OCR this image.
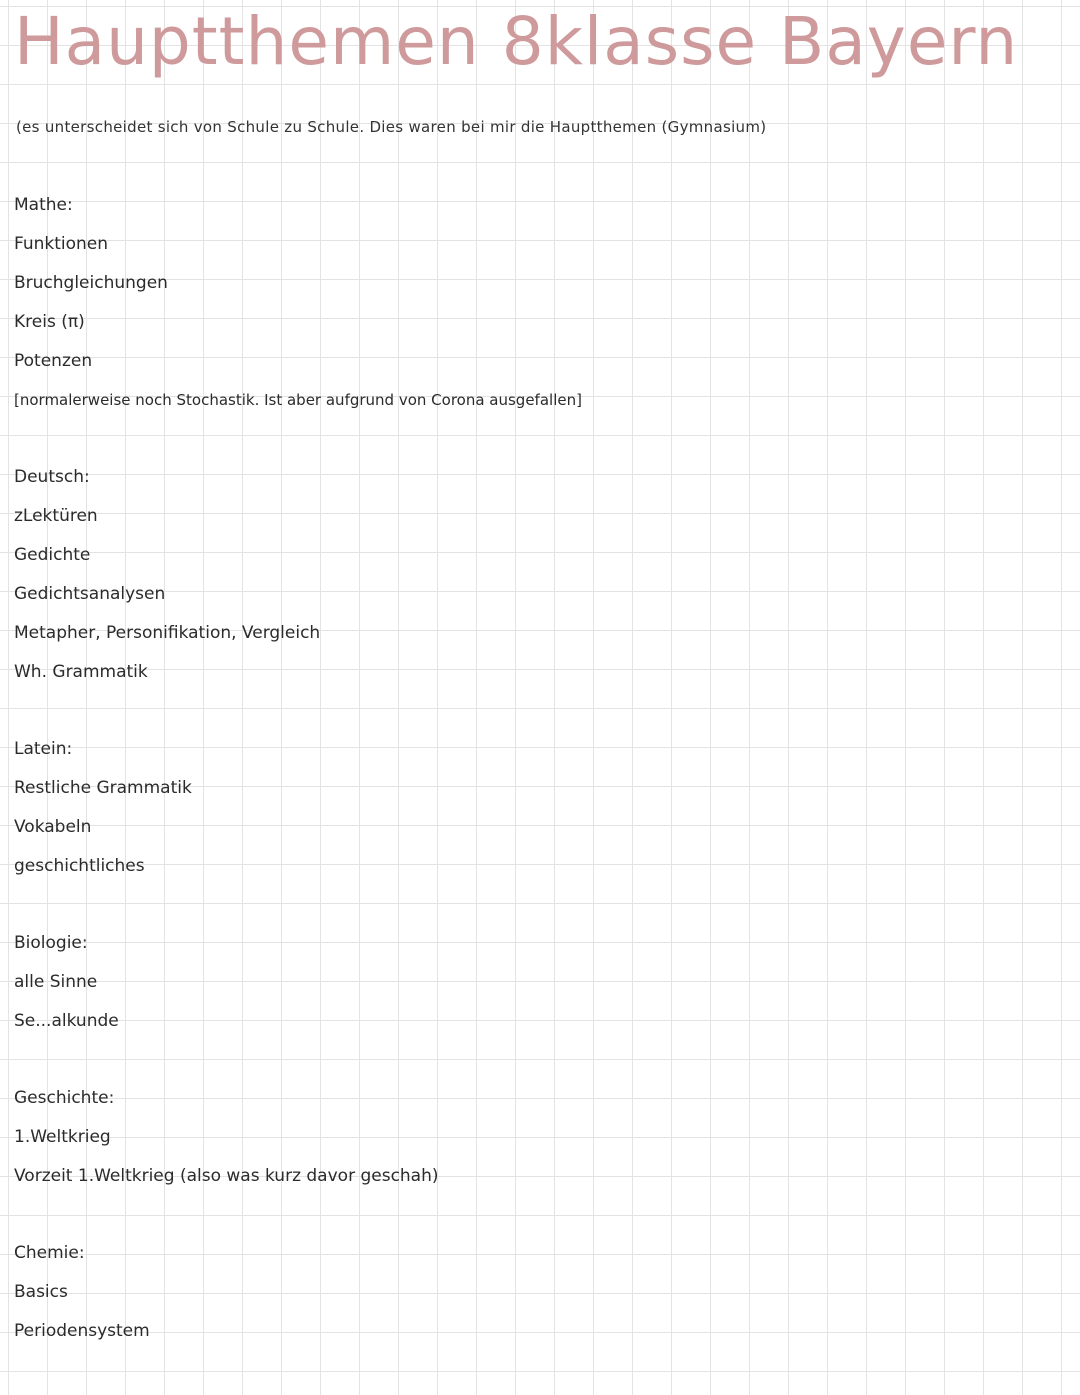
Hauptthemen 8klasse Bayern
(es unterscheidet sich von Schule zu Schule. Dies waren bei mir die Hauptthemen (Gymnasium)
Mathe:
Funktionen
Bruchgleichungen
Kreis (π)
Potenzen
[normalerweise noch Stochastik. Ist aber aufgrund von Corona ausgefallen]
Deutsch:
zLektüren
Gedichte
Gedichtsanalysen
Metapher, Personifikation, Vergleich
Wh. Grammatik
Latein:
Restliche Grammatik
Vokabeln
geschichtliches
Biologie:
alle Sinne
Se...alkunde
Geschichte:
1.Weltkrieg
Vorzeit 1.Weltkrieg (also was kurz davor geschah)
Chemie:
Basics
Periodensystem
